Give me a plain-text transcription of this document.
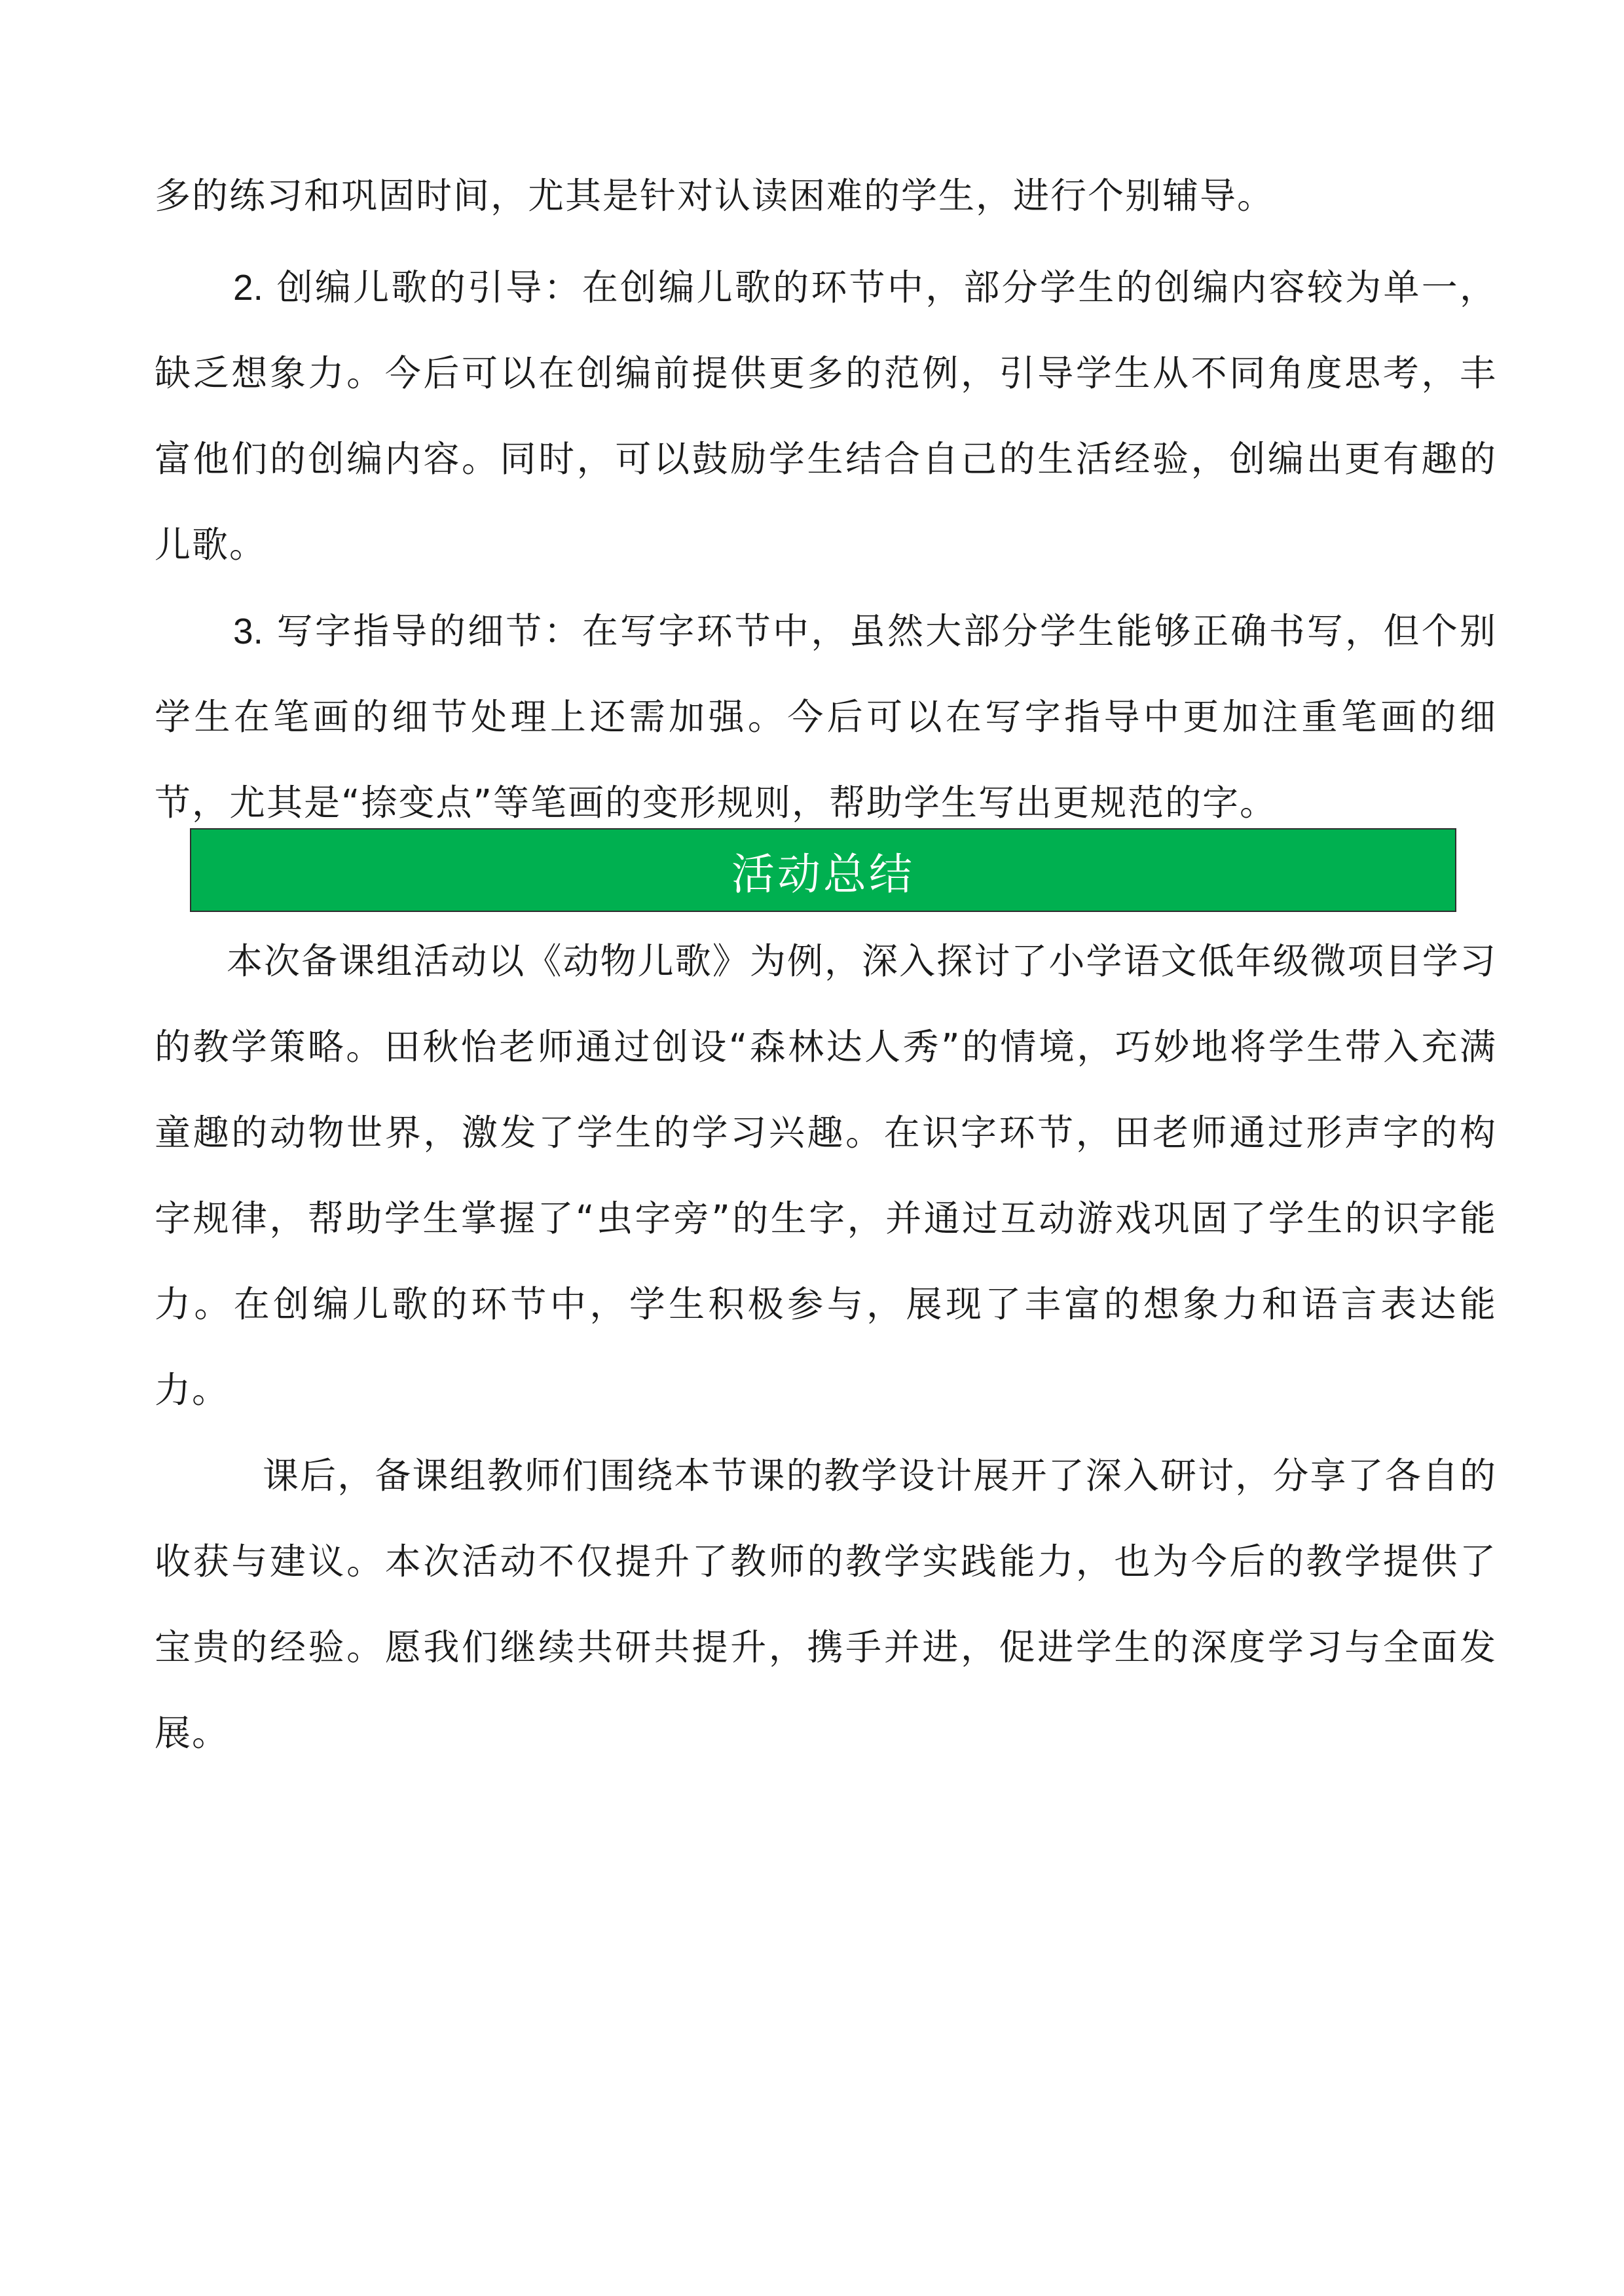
多的练习和巩固时间，尤其是针对认读困难的学生，进行个别辅导。

2. 创编儿歌的引导：在创编儿歌的环节中，部分学生的创编内容较为单一，缺乏想象力。今后可以在创编前提供更多的范例，引导学生从不同角度思考，丰富他们的创编内容。同时，可以鼓励学生结合自己的生活经验，创编出更有趣的儿歌。

3. 写字指导的细节：在写字环节中，虽然大部分学生能够正确书写，但个别学生在笔画的细节处理上还需加强。今后可以在写字指导中更加注重笔画的细节，尤其是“捺变点”等笔画的变形规则，帮助学生写出更规范的字。

活动总结

本次备课组活动以《动物儿歌》为例，深入探讨了小学语文低年级微项目学习的教学策略。田秋怡老师通过创设“森林达人秀”的情境，巧妙地将学生带入充满童趣的动物世界，激发了学生的学习兴趣。在识字环节，田老师通过形声字的构字规律，帮助学生掌握了“虫字旁”的生字，并通过互动游戏巩固了学生的识字能力。在创编儿歌的环节中，学生积极参与，展现了丰富的想象力和语言表达能力。

课后，备课组教师们围绕本节课的教学设计展开了深入研讨，分享了各自的收获与建议。本次活动不仅提升了教师的教学实践能力，也为今后的教学提供了宝贵的经验。愿我们继续共研共提升，携手并进，促进学生的深度学习与全面发展。
